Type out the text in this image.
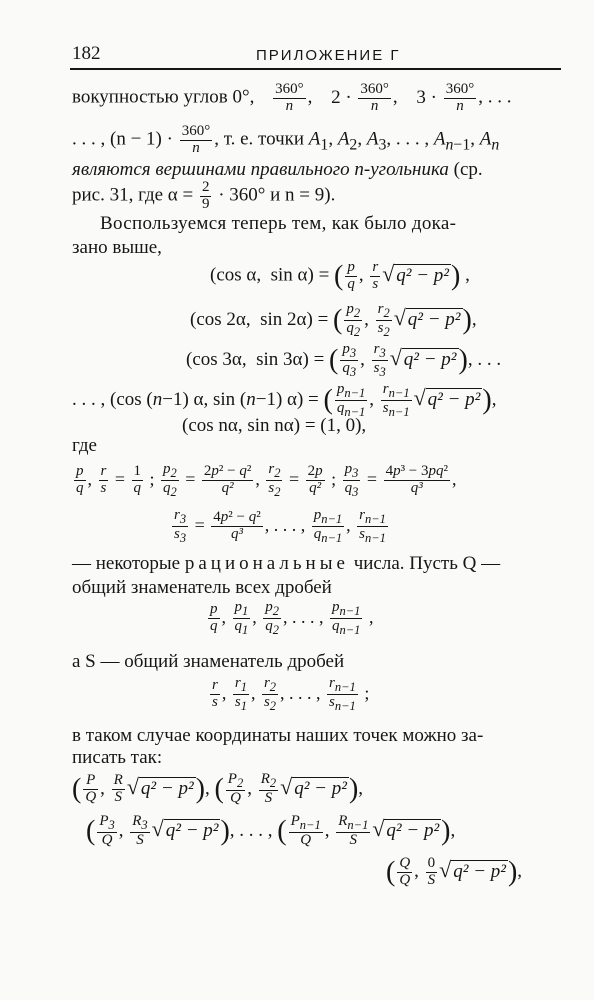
182	ПРИЛОЖЕНИЕ Г
вокупностью углов 0°, $\frac{360^\circ}{n}$ , $2 \cdot \frac{360^\circ}{n}$ , $3 \cdot \frac{360^\circ}{n}$ , . . .
. . . , $(n - 1) \cdot \frac{360^\circ}{n}$ , т. е. точки $A_1$, $A_2$, $A_3$, . . . , $A_{n-1}$, $A_n$
являются вершинами правильного n-угольника (ср.
рис. 31, где $\alpha = \frac{2}{9} \cdot 360^\circ$ и n = 9).
Воспользуемся теперь тем, как было дока-
зано выше,
(cos α,  sin α) = ( $\frac{p}{q}$ , $\frac{r}{s}$ √ q² − p²) ,
(cos 2α,  sin 2α) = ( $\frac{p_2}{q_2}$ , $\frac{r_2}{s_2}$ √ q² − p²),
(cos 3α,  sin 3α) = ( $\frac{p_3}{q_3}$ , $\frac{r_3}{s_3}$ √ q² − p²), . . .
. . . , (cos (n−1) α, sin (n−1) α) = ( $\frac{p_{n-1}}{q_{n-1}}$ , $\frac{r_{n-1}}{s_{n-1}}$ √ q² − p²),
(cos nα, sin nα) = (1, 0),
где
$\frac{p}{q}$ , $\frac{r}{s} = \frac{1}{q}$ ; $\frac{p_2}{q_2} = \frac{\text{2p² − q²}}{\text{q²}}$ , $\frac{r_2}{s_2} = \frac{2p}{\text{q²}}$ ; $\frac{p_3}{q_3} = \frac{\text{4p³ − 3pq²}}{\text{q³}}$ ,
$\frac{r_3}{s_3} = \frac{\text{4p² − q²}}{\text{q³}}$ , . . . , $\frac{p_{n-1}}{q_{n-1}}$ , $\frac{r_{n-1}}{s_{n-1}}$
— некоторые рациональные числа. Пусть Q —
общий знаменатель всех дробей
$\frac{p}{q}$ , $\frac{p_1}{q_1}$ , $\frac{p_2}{q_2}$ , . . . , $\frac{p_{n-1}}{q_{n-1}}$ ,
а S — общий знаменатель дробей
$\frac{r}{s}$ , $\frac{r_1}{s_1}$ , $\frac{r_2}{s_2}$ , . . . , $\frac{r_{n-1}}{s_{n-1}}$ ;
в таком случае координаты наших точек можно за-
писать так:
( $\frac{P}{Q}$ , $\frac{R}{S}$ √ q² − p²), ( $\frac{P_2}{Q}$ , $\frac{R_2}{S}$ √ q² − p²),
( $\frac{P_3}{Q}$ , $\frac{R_3}{S}$ √ q² − p²), . . . , ( $\frac{P_{n-1}}{Q}$ , $\frac{R_{n-1}}{S}$ √ q² − p²),
( $\frac{Q}{Q}$ , $\frac{0}{S}$ √ q² − p²),
